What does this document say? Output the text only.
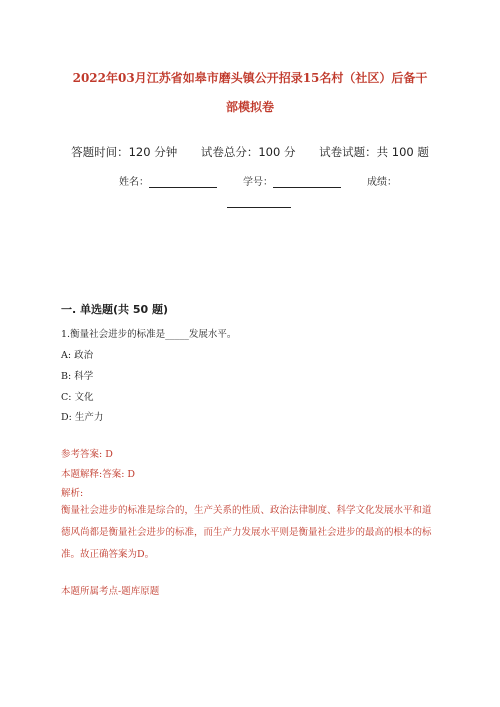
2022年03月江苏省如皋市磨头镇公开招录15名村（社区）后备干
部模拟卷
答题时间：120 分钟 试卷总分：100 分 试卷试题：共 100 题
姓名：	学号：	成绩：
一. 单选题(共 50 题)
1.衡量社会进步的标准是_____发展水平。
A: 政治
B: 科学
C: 文化
D: 生产力
参考答案: D
本题解释:答案: D
解析:
衡量社会进步的标准是综合的，生产关系的性质、政治法律制度、科学文化发展水平和道德风尚都是衡量社会进步的标准，而生产力发展水平则是衡量社会进步的最高的根本的标准。故正确答案为D。
本题所属考点-题库原题
